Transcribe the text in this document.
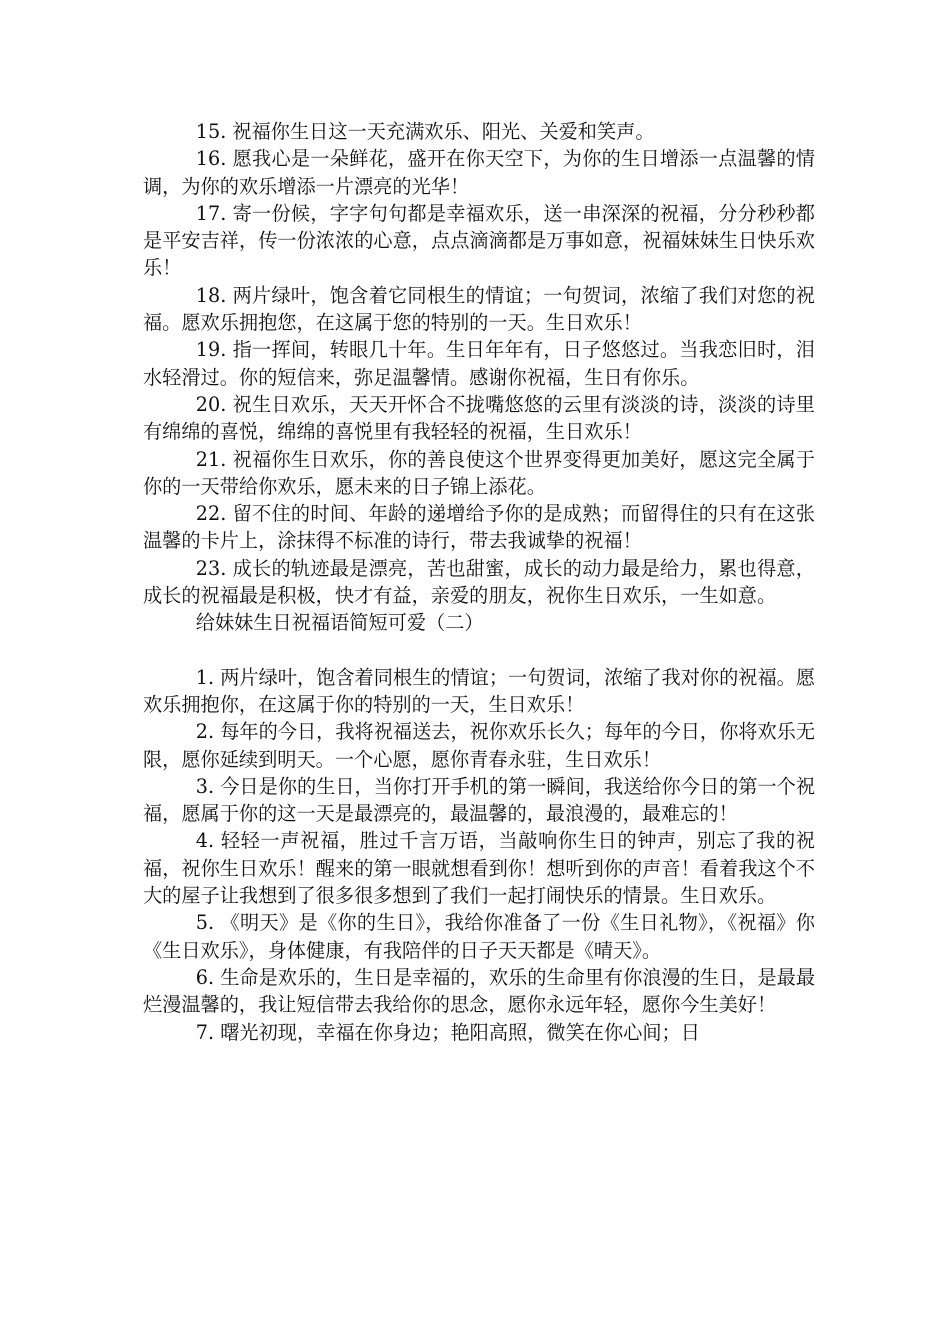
15. 祝福你生日这一天充满欢乐、阳光、关爱和笑声。

16. 愿我心是一朵鲜花，盛开在你天空下，为你的生日增添一点温馨的情调，为你的欢乐增添一片漂亮的光华！

17. 寄一份候，字字句句都是幸福欢乐，送一串深深的祝福，分分秒秒都是平安吉祥，传一份浓浓的心意，点点滴滴都是万事如意，祝福妹妹生日快乐欢乐！

18. 两片绿叶，饱含着它同根生的情谊；一句贺词，浓缩了我们对您的祝福。愿欢乐拥抱您，在这属于您的特别的一天。生日欢乐！

19. 指一挥间，转眼几十年。生日年年有，日子悠悠过。当我恋旧时，泪水轻滑过。你的短信来，弥足温馨情。感谢你祝福，生日有你乐。

20. 祝生日欢乐，天天开怀合不拢嘴悠悠的云里有淡淡的诗，淡淡的诗里有绵绵的喜悦，绵绵的喜悦里有我轻轻的祝福，生日欢乐！

21. 祝福你生日欢乐，你的善良使这个世界变得更加美好，愿这完全属于你的一天带给你欢乐，愿未来的日子锦上添花。

22. 留不住的时间、年龄的递增给予你的是成熟；而留得住的只有在这张温馨的卡片上，涂抹得不标准的诗行，带去我诚挚的祝福！

23. 成长的轨迹最是漂亮，苦也甜蜜，成长的动力最是给力，累也得意，成长的祝福最是积极，快才有益，亲爱的朋友，祝你生日欢乐，一生如意。

给妹妹生日祝福语简短可爱（二）

1. 两片绿叶，饱含着同根生的情谊；一句贺词，浓缩了我对你的祝福。愿欢乐拥抱你，在这属于你的特别的一天，生日欢乐！

2. 每年的今日，我将祝福送去，祝你欢乐长久；每年的今日，你将欢乐无限，愿你延续到明天。一个心愿，愿你青春永驻，生日欢乐！

3. 今日是你的生日，当你打开手机的第一瞬间，我送给你今日的第一个祝福，愿属于你的这一天是最漂亮的，最温馨的，最浪漫的，最难忘的！

4. 轻轻一声祝福，胜过千言万语，当敲响你生日的钟声，别忘了我的祝福，祝你生日欢乐！醒来的第一眼就想看到你！想听到你的声音！看着我这个不大的屋子让我想到了很多很多想到了我们一起打闹快乐的情景。生日欢乐。

5. 《明天》是《你的生日》，我给你准备了一份《生日礼物》，《祝福》你《生日欢乐》，身体健康，有我陪伴的日子天天都是《晴天》。

6. 生命是欢乐的，生日是幸福的，欢乐的生命里有你浪漫的生日，是最最烂漫温馨的，我让短信带去我给你的思念，愿你永远年轻，愿你今生美好！

7. 曙光初现，幸福在你身边；艳阳高照，微笑在你心间；日
